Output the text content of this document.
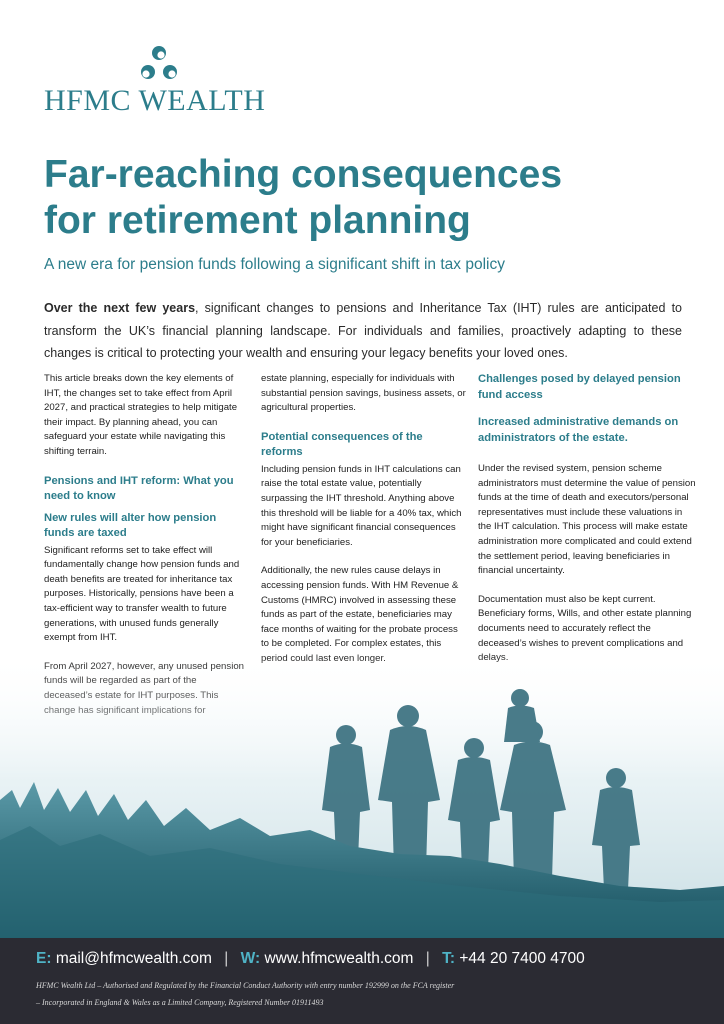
HFMC WEALTH
Far-reaching consequences
for retirement planning
A new era for pension funds following a significant shift in tax policy
Over the next few years, significant changes to pensions and Inheritance Tax (IHT) rules are anticipated to transform the UK’s financial planning landscape. For individuals and families, proactively adapting to these changes is critical to protecting your wealth and ensuring your legacy benefits your loved ones.

This article breaks down the key elements of IHT, the changes set to take effect from April 2027, and practical strategies to help mitigate their impact. By planning ahead, you can safeguard your estate while navigating this shifting terrain.

Pensions and IHT reform: What you need to know
New rules will alter how pension funds are taxed

Significant reforms set to take effect will fundamentally change how pension funds and death benefits are treated for inheritance tax purposes. Historically, pensions have been a tax-efficient way to transfer wealth to future generations, with unused funds generally exempt from IHT.

estate planning, especially for individuals with substantial pension savings, business assets, or agricultural properties.

Potential consequences of the reforms

Including pension funds in IHT calculations can raise the total estate value, potentially surpassing the IHT threshold. Anything above this threshold will be liable for a 40% tax, which might have significant financial consequences for your beneficiaries.

Additionally, the new rules cause delays in accessing pension funds. With HM Revenue & Customs (HMRC) involved in assessing these funds as part of the estate, beneficiaries may face months of waiting for the probate process to be completed. For complex estates, this

Challenges posed by delayed pension fund access
Increased administrative demands on administrators of the estate.

Under the revised system, pension scheme administrators must determine the value of pension funds at the time of death and executors/personal representatives must include these valuations in the IHT calculation. This process will make estate administration more complicated and could extend the settlement period, leaving beneficiaries in financial uncertainty.

Documentation must also be kept current. Beneficiary forms, Wills, and other estate planning documents need to accurately reflect the deceased’s wishes to prevent complications and

E: mail@hfmcwealth.com | W: www.hfmcwealth.com | T: +44 20 7400 4700
HFMC Wealth Ltd – Authorised and Regulated by the Financial Conduct Authority with entry number 192999 on the FCA register
– Incorporated in England & Wales as a Limited Company, Registered Number 01911493
